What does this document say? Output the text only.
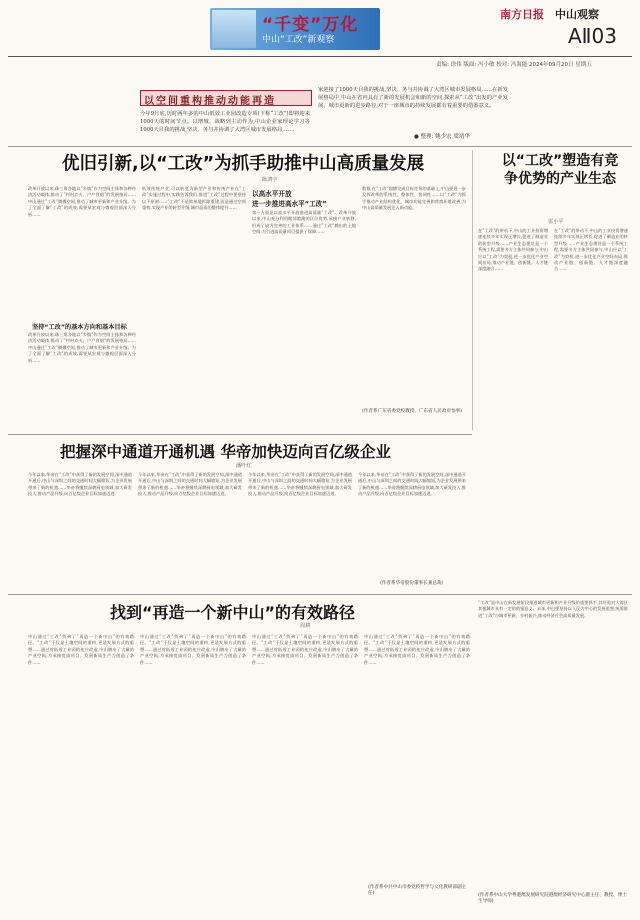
“千变”万化
中山“工改”新观察
南方日报 中山观察
AⅡ03
责编: 徐伟 版面: 冯小敏 校对: 冯海能 2024年09月20日 星期五
以空间重构推动动能再造
今年9月底,历时两年多的中山低效工业园改造专项(下称“工改”)即将迎来1000天的时间节点。以增城、战略到主动作为,中山企业家理论学习等1000天目我的挑战,坚决、务与并协调了大湾区城市发展格局,……
家迎接了1000天目我的挑战,坚决、务与并协调了大湾区城市发展格局……在新发展格局中,中山在省内具有了新的发展机会和新的空间,探索从“工改”出发的产业发展、城市更新的进步路径,对于一座城市的持续发展都有着重要的借鉴意义。
● 整理: 姚少宏 梁靖华
优旧引新,以“工改”为抓手助推中山高质量发展
陈鸿宇
坚持“工改”的基本方向和基本目标
以高水平开放
进一步推进高水平“工改”
改革开放以来,珠三角各地以“乡镇”作为空间主体和各种经济活动载体,推动了“村村点火、户户冒烟”的发展格局……中山通过“工改”腾挪空间,推动了城市更新和产业升级。为了全面了解“工改”的成效,需要从宏观与微观层面深入分析……
改革开放以来,珠三角各地以“乡镇”作为空间主体和各种经济活动载体,推动了“村村点火、户户冒烟”的发展格局……中山通过“工改”腾挪空间,推动了城市更新和产业升级。为了全面了解“工改”的成效,需要从宏观与微观层面深入分析……
低效传统产业,可以转变为新型产业和传统产业在“工改”实施过程中,实践告诉我们,推进“工改”过程中要坚持以下原则……“工改”不是简单地拆除重建,而是通过空间重构,实现产业的转型升级,城市品质的整体提升……
第一方面是以高水平开放推进高质量“工改”。改革开放以来,中山充分利用毗邻港澳的区位优势,承接产业转移,形成了较为完善的工业体系……通过“工改”腾出的土地空间,为引进高质量项目提供了保障……
数据,在“工改”超额完成目标任务的基础上,中山要进一步发挥改革的系统性、整体性、协同性……以“工改”为抓手推动产业结构优化、城市功能完善和营商环境改善,为中山高质量发展注入新动能。
(作者系广东省委党校教授、广东省人民政府参事)
以“工改”塑造有竞争优势的产业生态
雷小平
在“工改”的带动下,中山的工业投资增速连续多年实现正增长,促进了制造业的转型升级……产业生态建设是一个系统工程,需要多方主体共同参与,中山应以“工改”为契机,进一步优化产业空间布局,推动产业链、创新链、人才链深度融合……
在“工改”的带动下,中山的工业投资增速连续多年实现正增长,促进了制造业的转型升级……产业生态建设是一个系统工程,需要多方主体共同参与,中山应以“工改”为契机,进一步优化产业空间布局,推动产业链、创新链、人才链深度融合……
把握深中通道开通机遇 华帝加快迈向百亿级企业
潘叶红
今年以来,华帝在“工改”中获得了新的发展空间,深中通道开通后,中山与深圳之间的交通时间大幅缩短,为企业发展带来了新的机遇……华帝将继续深耕厨电领域,加大研发投入,推动产品升级,向百亿级企业目标加速迈进。
今年以来,华帝在“工改”中获得了新的发展空间,深中通道开通后,中山与深圳之间的交通时间大幅缩短,为企业发展带来了新的机遇……华帝将继续深耕厨电领域,加大研发投入,推动产品升级,向百亿级企业目标加速迈进。
今年以来,华帝在“工改”中获得了新的发展空间,深中通道开通后,中山与深圳之间的交通时间大幅缩短,为企业发展带来了新的机遇……华帝将继续深耕厨电领域,加大研发投入,推动产品升级,向百亿级企业目标加速迈进。
今年以来,华帝在“工改”中获得了新的发展空间,深中通道开通后,中山与深圳之间的交通时间大幅缩短,为企业发展带来了新的机遇……华帝将继续深耕厨电领域,加大研发投入,推动产品升级,向百亿级企业目标加速迈进。
(作者系华帝股份董事长兼总裁)
找到“再造一个新中山”的有效路径
周耕
中山通过“工改”找到了“再造一个新中山”的有效路径。“工改”不仅是土地空间的重构,更是发展方式的重塑……通过对低效工业园的连片改造,中山腾出了大量的产业空间,为承接优质项目、发展新质生产力创造了条件……
中山通过“工改”找到了“再造一个新中山”的有效路径。“工改”不仅是土地空间的重构,更是发展方式的重塑……通过对低效工业园的连片改造,中山腾出了大量的产业空间,为承接优质项目、发展新质生产力创造了条件……
中山通过“工改”找到了“再造一个新中山”的有效路径。“工改”不仅是土地空间的重构,更是发展方式的重塑……通过对低效工业园的连片改造,中山腾出了大量的产业空间,为承接优质项目、发展新质生产力创造了条件……
中山通过“工改”找到了“再造一个新中山”的有效路径。“工改”不仅是土地空间的重构,更是发展方式的重塑……通过对低效工业园的连片改造,中山腾出了大量的产业空间,为承接优质项目、发展新质生产力创造了条件……
(作者系中共中山市委党校哲学与文化教研部副主任)
“工改”是中山在新发展阶段推进城市更新和产业升级的重要抓手,其经验对大湾区其他城市具有一定的借鉴意义。未来,中山要坚持以人民为中心的发展思想,统筹推进“工改”与城市更新、乡村振兴,推动经济社会高质量发展。
(作者系中山大学粤港澳发展研究院港澳经济研究中心副主任、教授、博士生导师)
